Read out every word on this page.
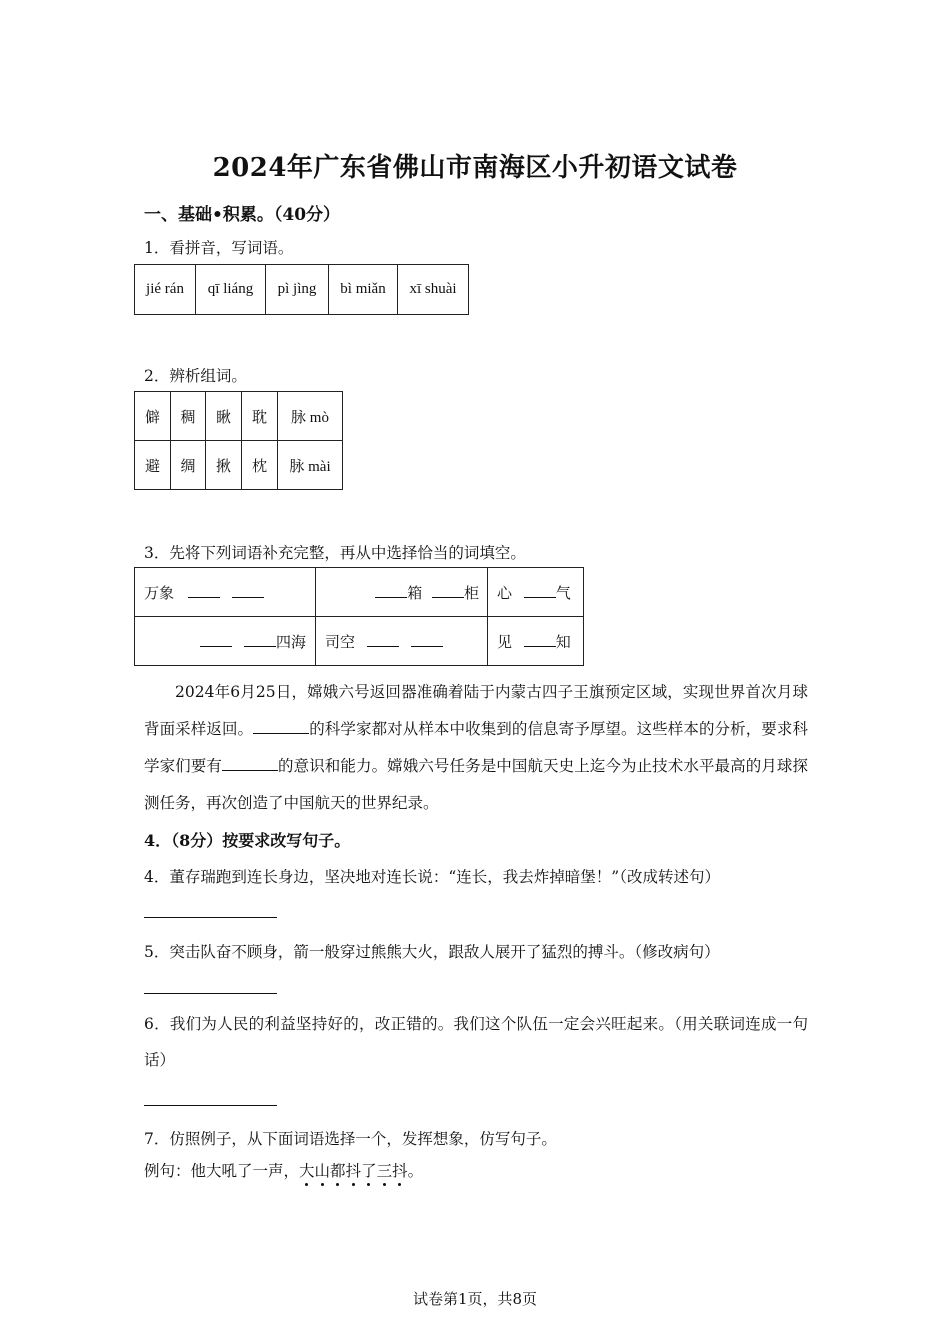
2024年广东省佛山市南海区小升初语文试卷
一、基础•积累。（40分）
1．看拼音，写词语。
jié rán	qī liáng	pì jìng	bì miǎn	xī shuài
2．辨析组词。
僻	稠	瞅	耽	脉 mò
避	绸	揪	枕	脉 mài
3．先将下列词语补充完整，再从中选择恰当的词填空。
万象	箱 柜	心 气
四海	司空	见 知
2024年6月25日，嫦娥六号返回器准确着陆于内蒙古四子王旗预定区域，实现世界首次月球背面采样返回。	的科学家都对从样本中收集到的信息寄予厚望。这些样本的分析，要求科学家们要有	的意识和能力。嫦娥六号任务是中国航天史上迄今为止技术水平最高的月球探测任务，再次创造了中国航天的世界纪录。
4．（8分）按要求改写句子。
4．董存瑞跑到连长身边，坚决地对连长说：“连长，我去炸掉暗堡！”（改成转述句）
5．突击队奋不顾身，箭一般穿过熊熊大火，跟敌人展开了猛烈的搏斗。（修改病句）
6．我们为人民的利益坚持好的，改正错的。我们这个队伍一定会兴旺起来。（用关联词连成一句话）
7．仿照例子，从下面词语选择一个，发挥想象，仿写句子。
例句：他大吼了一声，大山都抖了三抖。
试卷第1页，共8页
